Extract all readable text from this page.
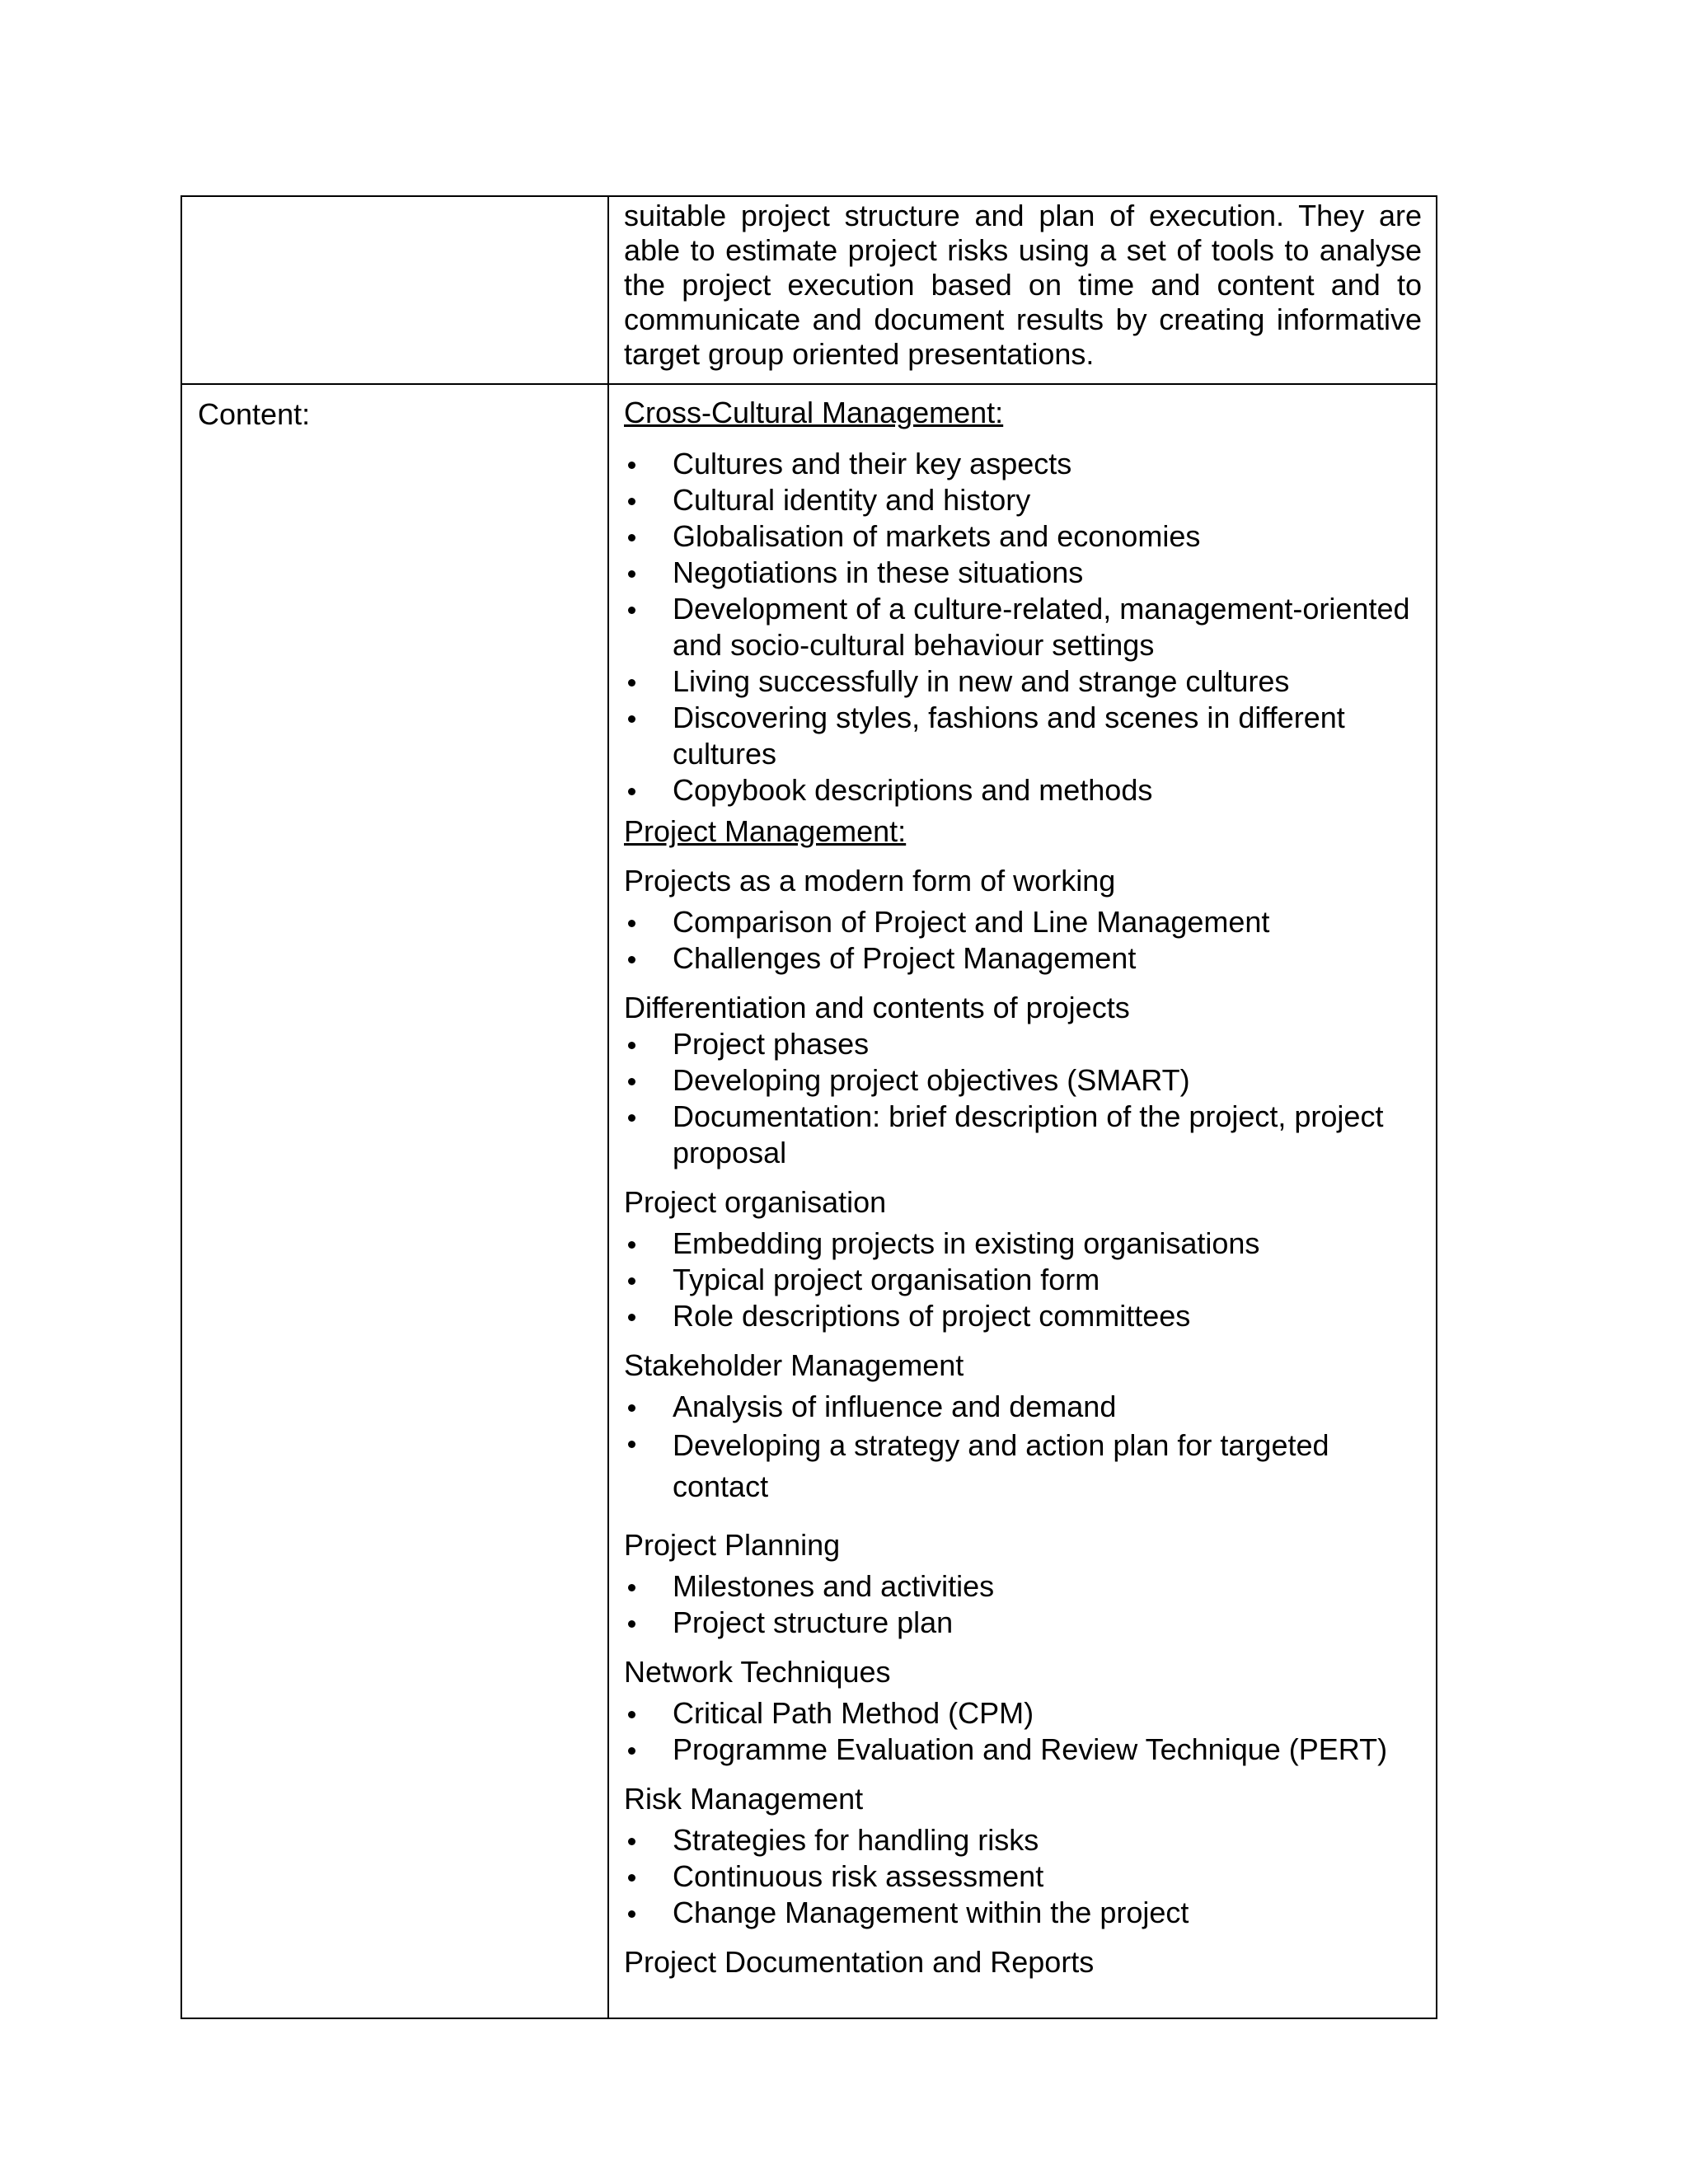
suitable project structure and plan of execution. They are able to estimate project risks using a set of tools to analyse the project execution based on time and content and to communicate and document results by creating informative target group oriented presentations.
Content:	Cross-Cultural Management:

Cultures and their key aspects
Cultural identity and history
Globalisation of markets and economies
Negotiations in these situations
Development of a culture-related, management-oriented and socio-cultural behaviour settings
Living successfully in new and strange cultures
Discovering styles, fashions and scenes in different cultures
Copybook descriptions and methods

Project Management:

Projects as a modern form of working

Comparison of Project and Line Management
Challenges of Project Management

Differentiation and contents of projects

Project phases
Developing project objectives (SMART)
Documentation: brief description of the project, project proposal

Project organisation

Embedding projects in existing organisations
Typical project organisation form
Role descriptions of project committees

Stakeholder Management

Analysis of influence and demand
Developing a strategy and action plan for targeted contact

Project Planning

Milestones and activities
Project structure plan

Network Techniques

Critical Path Method (CPM)
Programme Evaluation and Review Technique (PERT)

Risk Management

Strategies for handling risks
Continuous risk assessment
Change Management within the project

Project Documentation and Reports
